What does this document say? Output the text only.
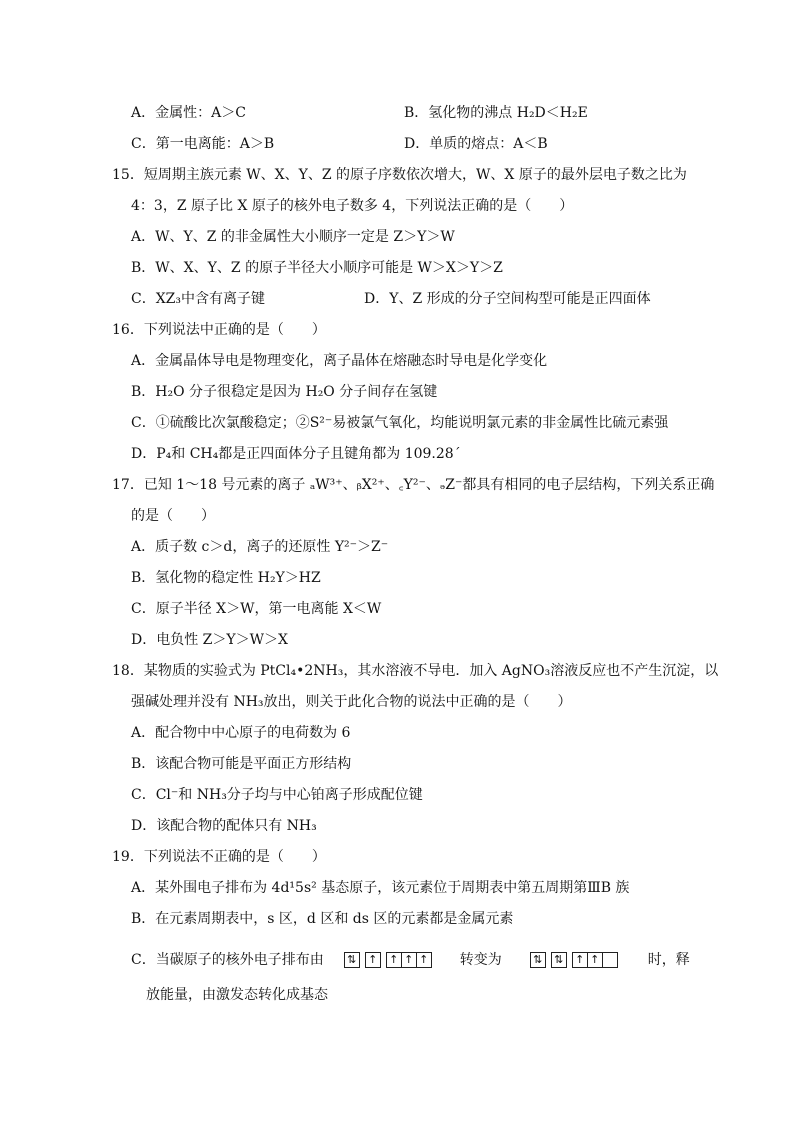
A．金属性：A＞C	B．氢化物的沸点 H₂D＜H₂E
C．第一电离能：A＞B	D．单质的熔点：A＜B
15．短周期主族元素 W、X、Y、Z 的原子序数依次增大，W、X 原子的最外层电子数之比为
4：3，Z 原子比 X 原子的核外电子数多 4，下列说法正确的是（　　）
A．W、Y、Z 的非金属性大小顺序一定是 Z＞Y＞W
B．W、X、Y、Z 的原子半径大小顺序可能是 W＞X＞Y＞Z
C．XZ₃中含有离子键	D．Y、Z 形成的分子空间构型可能是正四面体
16．下列说法中正确的是（　　）
A．金属晶体导电是物理变化，离子晶体在熔融态时导电是化学变化
B．H₂O 分子很稳定是因为 H₂O 分子间存在氢键
C．①硫酸比次氯酸稳定；②S²⁻易被氯气氧化，均能说明氯元素的非金属性比硫元素强
D．P₄和 CH₄都是正四面体分子且键角都为 109.28ˊ
17．已知 1～18 号元素的离子 ₐW³⁺、ᵦX²⁺、꜀Y²⁻、ₔZ⁻都具有相同的电子层结构，下列关系正确
的是（　　）
A．质子数 c＞d，离子的还原性 Y²⁻＞Z⁻
B．氢化物的稳定性 H₂Y＞HZ
C．原子半径 X＞W，第一电离能 X＜W
D．电负性 Z＞Y＞W＞X
18．某物质的实验式为 PtCl₄•2NH₃，其水溶液不导电．加入 AgNO₃溶液反应也不产生沉淀，以
强碱处理并没有 NH₃放出，则关于此化合物的说法中正确的是（　　）
A．配合物中中心原子的电荷数为 6
B．该配合物可能是平面正方形结构
C．Cl⁻和 NH₃分子均与中心铂离子形成配位键
D．该配合物的配体只有 NH₃
19．下列说法不正确的是（　　）
A．某外围电子排布为 4d¹5s² 基态原子，该元素位于周期表中第五周期第ⅢB 族
B．在元素周期表中，s 区，d 区和 ds 区的元素都是金属元素
C．当碳原子的核外电子排布由	⇅	↑	↑ ↑ ↑ 转变为	⇅	⇅	↑ ↑	时，释
放能量，由激发态转化成基态
